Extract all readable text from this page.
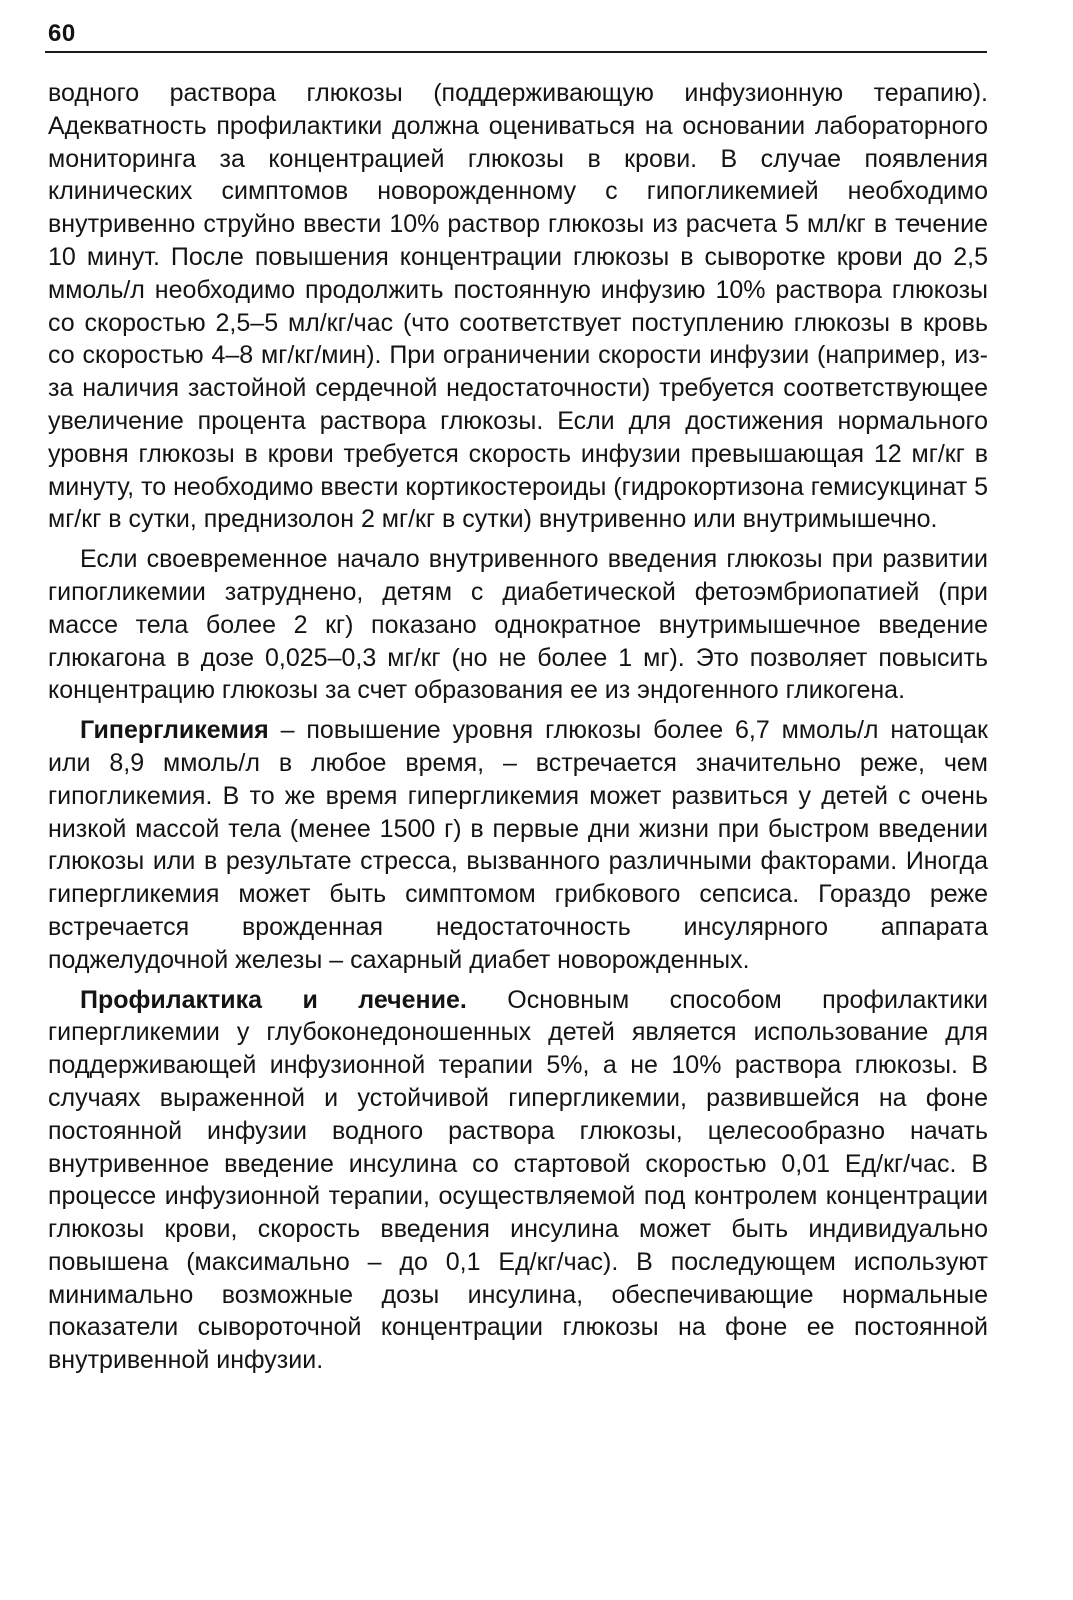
60

водного раствора глюкозы (поддерживающую инфузионную терапию). Адекватность профилактики должна оцениваться на основании лабораторного мониторинга за концентрацией глюкозы в крови. В случае появления клинических симптомов новорожденному с гипогликемией необходимо внутривенно струйно ввести 10% раствор глюкозы из расчета 5 мл/кг в течение 10 минут. После повышения концентрации глюкозы в сыворотке крови до 2,5 ммоль/л необходимо продолжить постоянную инфузию 10% раствора глюкозы со скоростью 2,5–5 мл/кг/час (что соответствует поступлению глюкозы в кровь со скоростью 4–8 мг/кг/мин). При ограничении скорости инфузии (например, из-за наличия застойной сердечной недостаточности) требуется соответствующее увеличение процента раствора глюкозы. Если для достижения нормального уровня глюкозы в крови требуется скорость инфузии превышающая 12 мг/кг в минуту, то необходимо ввести кортикостероиды (гидрокортизона гемисукцинат 5 мг/кг в сутки, преднизолон 2 мг/кг в сутки) внутривенно или внутримышечно.

Если своевременное начало внутривенного введения глюкозы при развитии гипогликемии затруднено, детям с диабетической фетоэмбриопатией (при массе тела более 2 кг) показано однократное внутримышечное введение глюкагона в дозе 0,025–0,3 мг/кг (но не более 1 мг). Это позволяет повысить концентрацию глюкозы за счет образования ее из эндогенного гликогена.

Гипергликемия – повышение уровня глюкозы более 6,7 ммоль/л натощак или 8,9 ммоль/л в любое время, – встречается значительно реже, чем гипогликемия. В то же время гипергликемия может развиться у детей с очень низкой массой тела (менее 1500 г) в первые дни жизни при быстром введении глюкозы или в результате стресса, вызванного различными факторами. Иногда гипергликемия может быть симптомом грибкового сепсиса. Гораздо реже встречается врожденная недостаточность инсулярного аппарата поджелудочной железы – сахарный диабет новорожденных.

Профилактика и лечение. Основным способом профилактики гипергликемии у глубоконедоношенных детей является использование для поддерживающей инфузионной терапии 5%, а не 10% раствора глюкозы. В случаях выраженной и устойчивой гипергликемии, развившейся на фоне постоянной инфузии водного раствора глюкозы, целесообразно начать внутривенное введение инсулина со стартовой скоростью 0,01 Ед/кг/час. В процессе инфузионной терапии, осуществляемой под контролем концентрации глюкозы крови, скорость введения инсулина может быть индивидуально повышена (максимально – до 0,1 Ед/кг/час). В последующем используют минимально возможные дозы инсулина, обеспечивающие нормальные показатели сывороточной концентрации глюкозы на фоне ее постоянной внутривенной инфузии.
